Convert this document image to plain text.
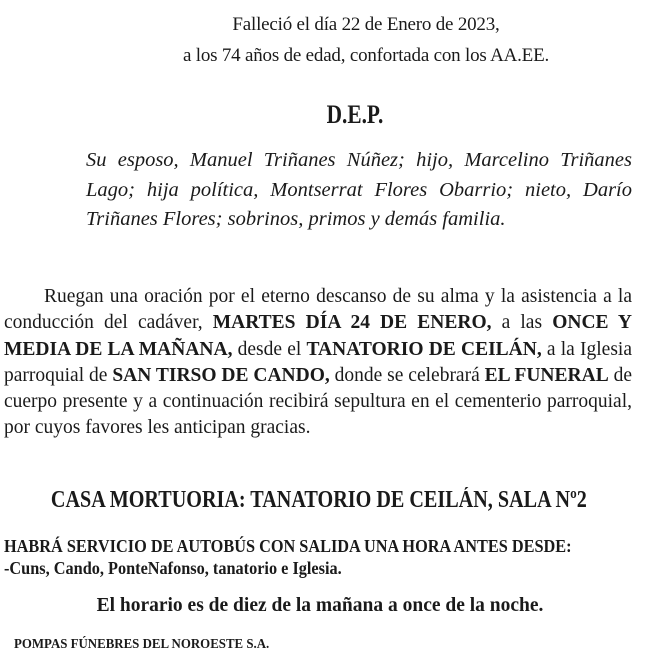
Falleció el día 22 de Enero de 2023,
a los 74 años de edad, confortada con los AA.EE.
D.E.P.
Su esposo, Manuel Triñanes Núñez; hijo, Marcelino Triñanes Lago; hija política, Montserrat Flores Obarrio; nieto, Darío Triñanes Flores; sobrinos, primos y demás familia.
Ruegan una oración por el eterno descanso de su alma y la asistencia a la conducción del cadáver, MARTES DÍA 24 DE ENERO, a las ONCE Y MEDIA DE LA MAÑANA, desde el TANATORIO DE CEILÁN, a la Iglesia parroquial de SAN TIRSO DE CANDO, donde se celebrará EL FUNERAL de cuerpo presente y a continuación recibirá sepultura en el cementerio parroquial, por cuyos favores les anticipan gracias.
CASA MORTUORIA: TANATORIO DE CEILÁN, SALA Nº2
HABRÁ SERVICIO DE AUTOBÚS CON SALIDA UNA HORA ANTES DESDE:
-Cuns, Cando, PonteNafonso, tanatorio e Iglesia.
El horario es de diez de la mañana a once de la noche.
POMPAS FÚNEBRES DEL NOROESTE S.A.
